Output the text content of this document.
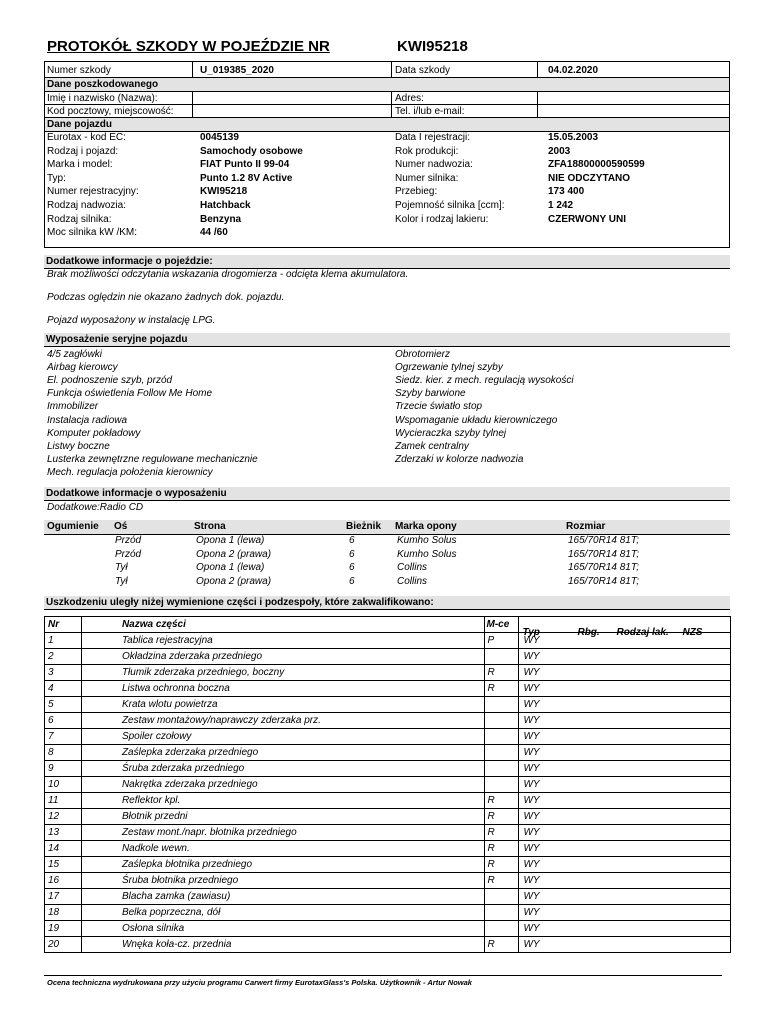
PROTOKÓŁ SZKODY W POJEŹDZIE NR	KWI95218
Numer szkody	U_019385_2020	Data szkody	04.02.2020
Dane poszkodowanego
Imię i nazwisko (Nazwa):	Adres:
Kod pocztowy, miejscowość:	Tel. i/lub e-mail:
Dane pojazdu
Eurotax - kod EC:	0045139
Rodzaj i pojazd:	Samochody osobowe
Marka i model:	FIAT Punto II 99-04
Typ:	Punto 1.2 8V Active
Numer rejestracyjny:	KWI95218
Rodzaj nadwozia:	Hatchback
Rodzaj silnika:	Benzyna
Moc silnika kW /KM:	44 /60
Data I rejestracji:	15.05.2003
Rok produkcji:	2003
Numer nadwozia:	ZFA18800000590599
Numer silnika:	NIE ODCZYTANO
Przebieg:	173 400
Pojemność silnika [ccm]:	1 242
Kolor i rodzaj lakieru:	CZERWONY UNI
Dodatkowe informacje o pojeździe:
Brak możliwości odczytania wskazania drogomierza - odcięta klema akumulatora.
Podczas oględzin nie okazano żadnych dok. pojazdu.
Pojazd wyposażony w instalację LPG.
Wyposażenie seryjne pojazdu
4/5 zagłówki
Airbag kierowcy
El. podnoszenie szyb, przód
Funkcja oświetlenia Follow Me Home
Immobilizer
Instalacja radiowa
Komputer pokładowy
Listwy boczne
Lusterka zewnętrzne regulowane mechanicznie
Mech. regulacja położenia kierownicy
Obrotomierz
Ogrzewanie tylnej szyby
Siedz. kier. z mech. regulacją wysokości
Szyby barwione
Trzecie światło stop
Wspomaganie układu kierowniczego
Wycieraczka szyby tylnej
Zamek centralny
Zderzaki w kolorze nadwozia
Dodatkowe informacje o wyposażeniu
Dodatkowe:Radio CD
Ogumienie Oś	Strona	Bieżnik Marka opony	Rozmiar
Przód	Opona 1 (lewa)	6	Kumho Solus	165/70R14 81T;
Przód	Opona 2 (prawa)	6	Kumho Solus	165/70R14 81T;
Tył	Opona 1 (lewa)	6	Collins	165/70R14 81T;
Tył	Opona 2 (prawa)	6	Collins	165/70R14 81T;
Uszkodzeniu uległy niżej wymienione części i podzespoły, które zakwalifikowano:
Nr	Nazwa części	M-ce	Typ Rbg. Rodzaj lak. NZS

1	Tablica rejestracyjna	P	WY
2	Okładzina zderzaka przedniego		WY
3	Tłumik zderzaka przedniego, boczny	R	WY
4	Listwa ochronna boczna	R	WY
5	Krata wlotu powietrza		WY
6	Zestaw montażowy/naprawczy zderzaka prz.		WY
7	Spoiler czołowy		WY
8	Zaślepka zderzaka przedniego		WY
9	Śruba zderzaka przedniego		WY
10	Nakrętka zderzaka przedniego		WY
11	Reflektor kpl.	R	WY
12	Błotnik przedni	R	WY
13	Zestaw mont./napr. błotnika przedniego	R	WY
14	Nadkole wewn.	R	WY
15	Zaślepka błotnika przedniego	R	WY
16	Śruba błotnika przedniego	R	WY
17	Blacha zamka (zawiasu)		WY
18	Belka poprzeczna, dół		WY
19	Osłona silnika		WY
20	Wnęka koła-cz. przednia	R	WY
Ocena techniczna wydrukowana przy użyciu programu Carwert firmy EurotaxGlass's Polska. Użytkownik - Artur Nowak
